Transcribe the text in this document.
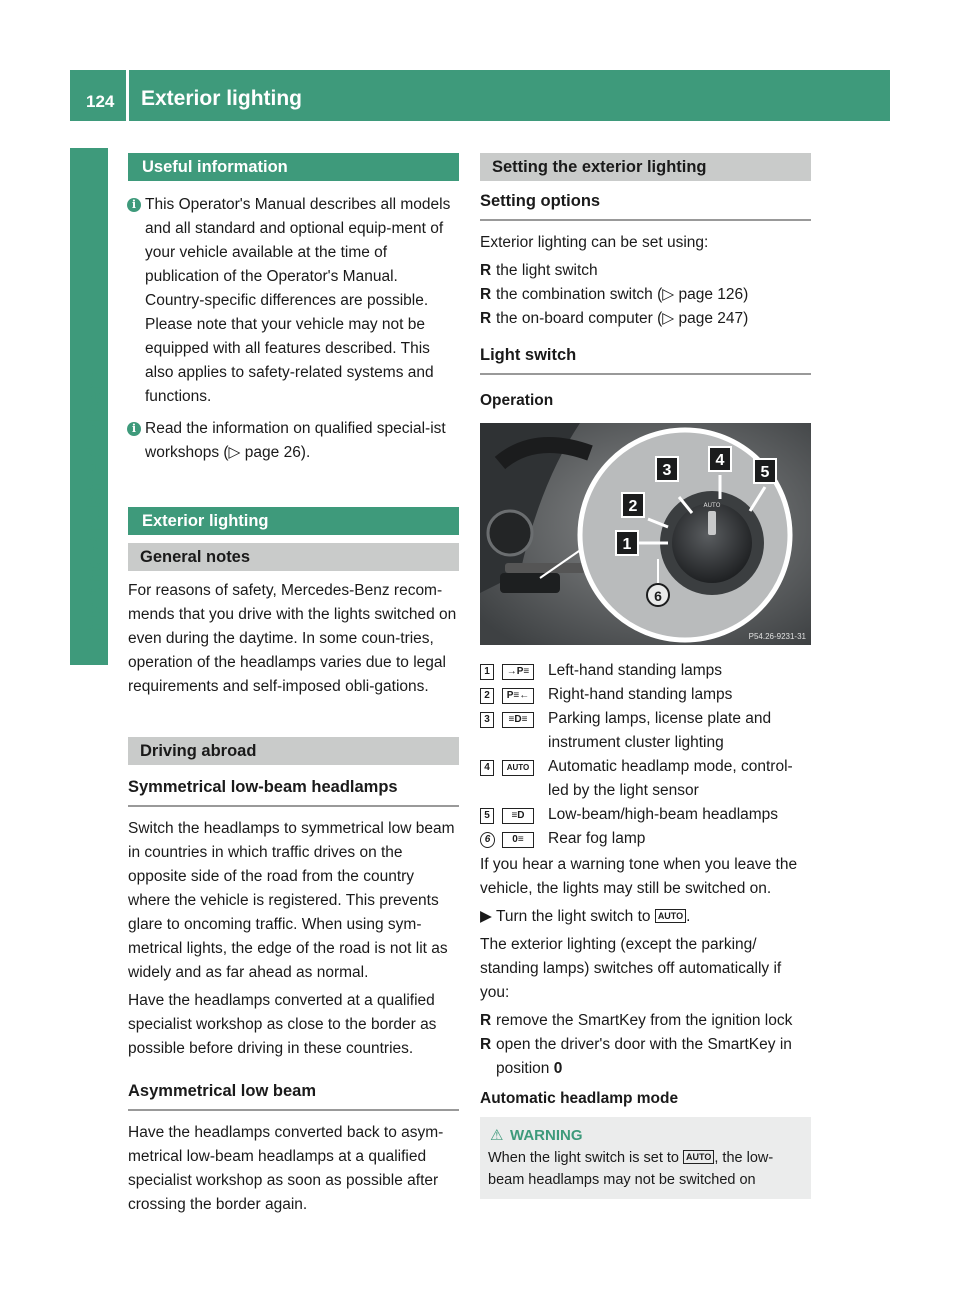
124 Exterior lighting
Lights and windshield wipers
Useful information
i This Operator's Manual describes all models and all standard and optional equip-ment of your vehicle available at the time of publication of the Operator's Manual. Country-specific differences are possible. Please note that your vehicle may not be equipped with all features described. This also applies to safety-related systems and functions.
i Read the information on qualified special-ist workshops (▷ page 26).
Exterior lighting
General notes

For reasons of safety, Mercedes-Benz recom-mends that you drive with the lights switched on even during the daytime. In some coun-tries, operation of the headlamps varies due to legal requirements and self-imposed obli-gations.

Driving abroad
Symmetrical low-beam headlamps

Switch the headlamps to symmetrical low beam in countries in which traffic drives on the opposite side of the road from the country where the vehicle is registered. This prevents glare to oncoming traffic. When using sym-metrical lights, the edge of the road is not lit as widely and as far ahead as normal.

Have the headlamps converted at a qualified specialist workshop as close to the border as possible before driving in these countries.

Asymmetrical low beam

Have the headlamps converted back to asym-metrical low-beam headlamps at a qualified specialist workshop as soon as possible after crossing the border again.

Setting the exterior lighting
Setting options

Exterior lighting can be set using:

R the light switch
R the combination switch (▷ page 126)
R the on-board computer (▷ page 247)
Light switch
Operation
AUTO
3
4
5
2
1
6
P54.26-9231-31
1	→P≡	Left-hand standing lamps
2	P≡←	Right-hand standing lamps
3	≡D≡	Parking lamps, license plate and instrument cluster lighting
4	AUTO	Automatic headlamp mode, control-led by the light sensor
5	≡D	Low-beam/high-beam headlamps
6	0≡	Rear fog lamp

If you hear a warning tone when you leave the vehicle, the lights may still be switched on.

▶ Turn the light switch to AUTO .

The exterior lighting (except the parking/ standing lamps) switches off automatically if you:

R remove the SmartKey from the ignition lock
R open the driver's door with the SmartKey in position 0
Automatic headlamp mode
⚠ WARNING
When the light switch is set to AUTO , the low-beam headlamps may not be switched on
